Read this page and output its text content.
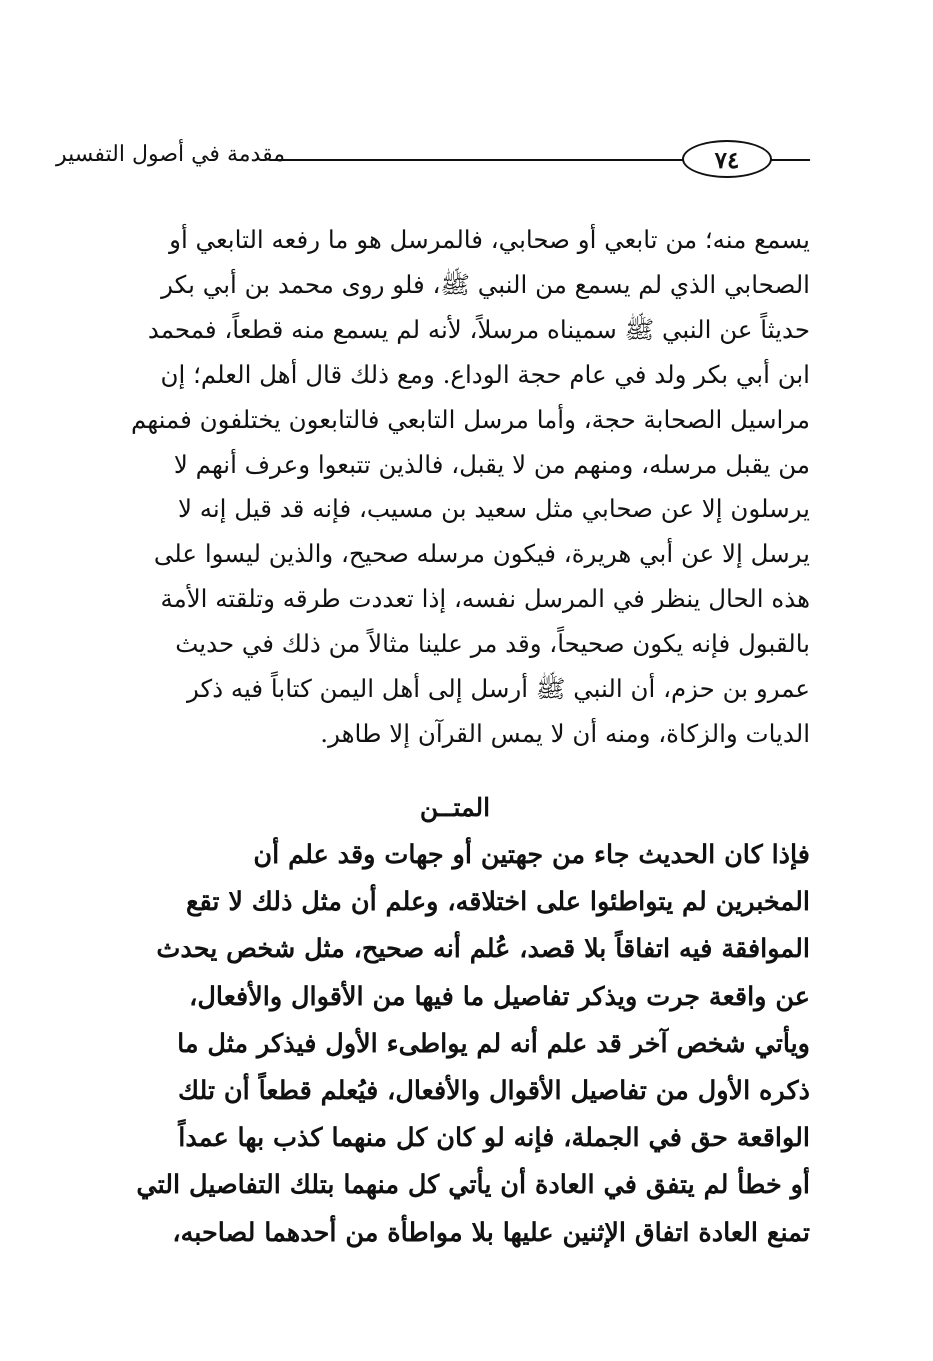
مقدمة في أصول التفسير	٧٤
يسمع منه؛ من تابعي أو صحابي، فالمرسل هو ما رفعه التابعي أو
الصحابي الذي لم يسمع من النبي ﷺ، فلو روى محمد بن أبي بكر
حديثاً عن النبي ﷺ سميناه مرسلاً، لأنه لم يسمع منه قطعاً، فمحمد
ابن أبي بكر ولد في عام حجة الوداع. ومع ذلك قال أهل العلم؛ إن
مراسيل الصحابة حجة، وأما مرسل التابعي فالتابعون يختلفون فمنهم
من يقبل مرسله، ومنهم من لا يقبل، فالذين تتبعوا وعرف أنهم لا
يرسلون إلا عن صحابي مثل سعيد بن مسيب، فإنه قد قيل إنه لا
يرسل إلا عن أبي هريرة، فيكون مرسله صحيح، والذين ليسوا على
هذه الحال ينظر في المرسل نفسه، إذا تعددت طرقه وتلقته الأمة
بالقبول فإنه يكون صحيحاً، وقد مر علينا مثالاً من ذلك في حديث
عمرو بن حزم، أن النبي ﷺ أرسل إلى أهل اليمن كتاباً فيه ذكر
الديات والزكاة، ومنه أن لا يمس القرآن إلا طاهر.
المتــن
فإذا كان الحديث جاء من جهتين أو جهات وقد علم أن
المخبرين لم يتواطئوا على اختلاقه، وعلم أن مثل ذلك لا تقع
الموافقة فيه اتفاقاً بلا قصد، عُلم أنه صحيح، مثل شخص يحدث
عن واقعة جرت ويذكر تفاصيل ما فيها من الأقوال والأفعال،
ويأتي شخص آخر قد علم أنه لم يواطىء الأول فيذكر مثل ما
ذكره الأول من تفاصيل الأقوال والأفعال، فيُعلم قطعاً أن تلك
الواقعة حق في الجملة، فإنه لو كان كل منهما كذب بها عمداً
أو خطأ لم يتفق في العادة أن يأتي كل منهما بتلك التفاصيل التي
تمنع العادة اتفاق الإثنين عليها بلا مواطأة من أحدهما لصاحبه،
